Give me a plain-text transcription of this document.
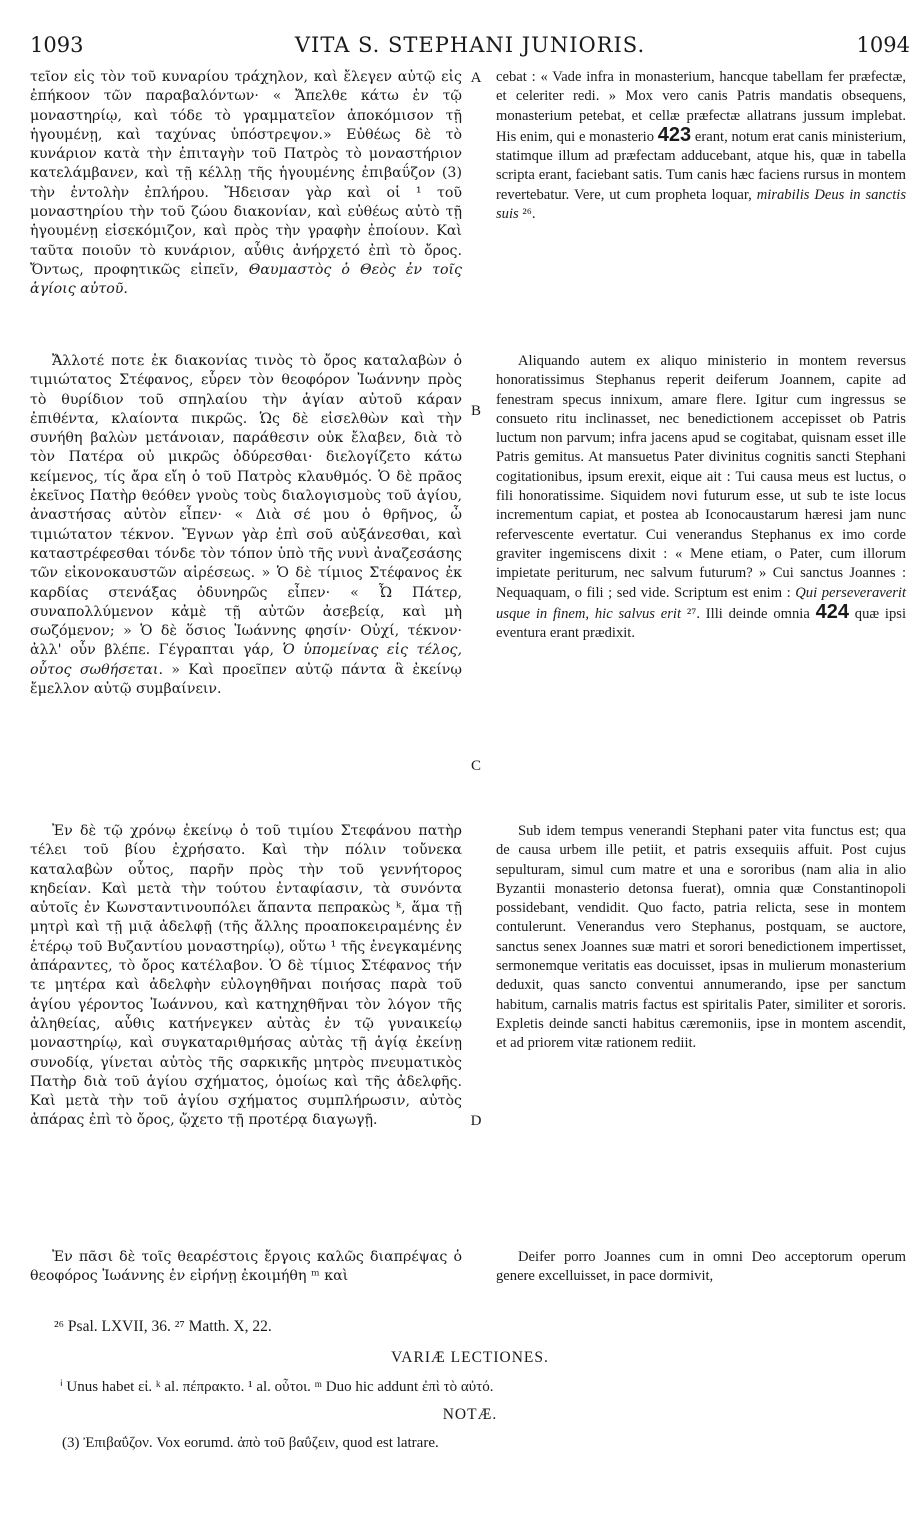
1093	VITA S. STEPHANI JUNIORIS.	1094
τεῖον εἰς τὸν τοῦ κυναρίου τράχηλον, καὶ ἔλεγεν αὐτῷ εἰς ἐπήκοον τῶν παραβαλόντων· « Ἄπελθε κάτω ἐν τῷ μοναστηρίῳ, καὶ τόδε τὸ γραμματεῖον ἀποκόμισον τῇ ἡγουμένῃ, καὶ ταχύνας ὑπόστρεψον.» Εὐθέως δὲ τὸ κυνάριον κατὰ τὴν ἐπιταγὴν τοῦ Πατρὸς τὸ μοναστήριον κατελάμβανεν, καὶ τῇ κέλλῃ τῆς ἡγουμένης ἐπιβαΰζον (3) τὴν ἐντολὴν ἐπλήρου. Ἤδεισαν γὰρ καὶ οἱ ¹ τοῦ μοναστηρίου τὴν τοῦ ζώου διακονίαν, καὶ εὐθέως αὐτὸ τῇ ἡγουμένῃ εἰσεκόμιζον, καὶ πρὸς τὴν γραφὴν ἐποίουν. Καὶ ταῦτα ποιοῦν τὸ κυνάριον, αὖθις ἀνήρχετό ἐπὶ τὸ ὄρος. Ὄντως, προφητικῶς εἰπεῖν, Θαυμαστὸς ὁ Θεὸς ἐν τοῖς ἁγίοις αὐτοῦ.
Ἄλλοτέ ποτε ἐκ διακονίας τινὸς τὸ ὄρος καταλαβὼν ὁ τιμιώτατος Στέφανος, εὗρεν τὸν θεοφόρον Ἰωάννην πρὸς τὸ θυρίδιον τοῦ σπηλαίου τὴν ἁγίαν αὐτοῦ κάραν ἐπιθέντα, κλαίοντα πικρῶς. Ὡς δὲ εἰσελθὼν καὶ τὴν συνήθη βαλὼν μετάνοιαν, παράθεσιν οὐκ ἔλαβεν, διὰ τὸ τὸν Πατέρα οὐ μικρῶς ὀδύρεσθαι· διελογίζετο κάτω κείμενος, τίς ἄρα εἴη ὁ τοῦ Πατρὸς κλαυθμός. Ὁ δὲ πρᾶος ἐκεῖνος Πατὴρ θεόθεν γνοὺς τοὺς διαλογισμοὺς τοῦ ἁγίου, ἀναστήσας αὐτὸν εἶπεν· « Διὰ σέ μου ὁ θρῆνος, ὦ τιμιώτατον τέκνον. Ἔγνων γὰρ ἐπὶ σοῦ αὐξάνεσθαι, καὶ καταστρέφεσθαι τόνδε τὸν τόπον ὑπὸ τῆς νυνὶ ἀναζεσάσης τῶν εἰκονοκαυστῶν αἱρέσεως. » Ὁ δὲ τίμιος Στέφανος ἐκ καρδίας στενάξας ὀδυνηρῶς εἶπεν· « Ὦ Πάτερ, συναπολλύμενον κἀμὲ τῇ αὐτῶν ἀσεβείᾳ, καὶ μὴ σωζόμενον; » Ὁ δὲ ὅσιος Ἰωάννης φησίν· Οὐχί, τέκνον· ἀλλ' οὖν βλέπε. Γέγραπται γάρ, Ὁ ὑπομείνας εἰς τέλος, οὗτος σωθήσεται. » Καὶ προεῖπεν αὐτῷ πάντα ἃ ἐκείνῳ ἔμελλον αὐτῷ συμβαίνειν.
Ἐν δὲ τῷ χρόνῳ ἐκείνῳ ὁ τοῦ τιμίου Στεφάνου πατὴρ τέλει τοῦ βίου ἐχρήσατο. Καὶ τὴν πόλιν τοὔνεκα καταλαβὼν οὗτος, παρῆν πρὸς τὴν τοῦ γεννήτορος κηδείαν. Καὶ μετὰ τὴν τούτου ἐνταφίασιν, τὰ συνόντα αὐτοῖς ἐν Κωνσταντινουπόλει ἅπαντα πεπρακὼς ᵏ, ἅμα τῇ μητρὶ καὶ τῇ μιᾷ ἀδελφῇ (τῆς ἄλλης προαποκειραμένης ἐν ἑτέρῳ τοῦ Βυζαντίου μοναστηρίῳ), οὕτω ¹ τῆς ἐνεγκαμένης ἀπάραντες, τὸ ὄρος κατέλαβον. Ὁ δὲ τίμιος Στέφανος τήν τε μητέρα καὶ ἀδελφὴν εὐλογηθῆναι ποιήσας παρὰ τοῦ ἁγίου γέροντος Ἰωάννου, καὶ κατηχηθῆναι τὸν λόγον τῆς ἀληθείας, αὖθις κατήνεγκεν αὐτὰς ἐν τῷ γυναικείῳ μοναστηρίῳ, καὶ συγκαταριθμήσας αὐτὰς τῇ ἁγίᾳ ἐκείνῃ συνοδίᾳ, γίνεται αὐτὸς τῆς σαρκικῆς μητρὸς πνευματικὸς Πατὴρ διὰ τοῦ ἁγίου σχήματος, ὁμοίως καὶ τῆς ἀδελφῆς. Καὶ μετὰ τὴν τοῦ ἁγίου σχήματος συμπλήρωσιν, αὐτὸς ἀπάρας ἐπὶ τὸ ὄρος, ᾤχετο τῇ προτέρᾳ διαγωγῇ.
Ἐν πᾶσι δὲ τοῖς θεαρέστοις ἔργοις καλῶς διαπρέψας ὁ θεοφόρος Ἰωάννης ἐν εἰρήνῃ ἐκοιμήθη ᵐ καὶ
A
B
C
D
cebat : « Vade infra in monasterium, hancque tabellam fer præfectæ, et celeriter redi. » Mox vero canis Patris mandatis obsequens, monasterium petebat, et cellæ præfectæ allatrans jussum implebat. His enim, qui e monasterio 423 erant, notum erat canis ministerium, statimque illum ad præfectam adducebant, atque his, quæ in tabella scripta erant, faciebant satis. Tum canis hæc faciens rursus in montem revertebatur. Vere, ut cum propheta loquar, mirabilis Deus in sanctis suis ²⁶.
Aliquando autem ex aliquo ministerio in montem reversus honoratissimus Stephanus reperit deiferum Joannem, capite ad fenestram specus innixum, amare flere. Igitur cum ingressus se consueto ritu inclinasset, nec benedictionem accepisset ob Patris luctum non parvum; infra jacens apud se cogitabat, quisnam esset ille Patris gemitus. At mansuetus Pater divinitus cognitis sancti Stephani cogitationibus, ipsum erexit, eique ait : Tui causa meus est luctus, o fili honoratissime. Siquidem novi futurum esse, ut sub te iste locus incrementum capiat, et postea ab Iconocaustarum hæresi jam nunc refervescente evertatur. Cui venerandus Stephanus ex imo corde graviter ingemiscens dixit : « Mene etiam, o Pater, cum illorum impietate periturum, nec salvum futurum? » Cui sanctus Joannes : Nequaquam, o fili ; sed vide. Scriptum est enim : Qui perseveraverit usque in finem, hic salvus erit ²⁷. Illi deinde omnia 424 quæ ipsi eventura erant prædixit.
Sub idem tempus venerandi Stephani pater vita functus est; qua de causa urbem ille petiit, et patris exsequiis affuit. Post cujus sepulturam, simul cum matre et una e sororibus (nam alia in alio Byzantii monasterio detonsa fuerat), omnia quæ Constantinopoli possidebant, vendidit. Quo facto, patria relicta, sese in montem contulerunt. Venerandus vero Stephanus, postquam, se auctore, sanctus senex Joannes suæ matri et sorori benedictionem impertisset, sermonemque veritatis eas docuisset, ipsas in mulierum monasterium deduxit, quas sancto conventui annumerando, ipse per sanctum habitum, carnalis matris factus est spiritalis Pater, similiter et sororis. Expletis deinde sancti habitus cæremoniis, ipse in montem ascendit, et ad priorem vitæ rationem rediit.
Deifer porro Joannes cum in omni Deo acceptorum operum genere excelluisset, in pace dormivit,
²⁶ Psal. LXVII, 36. ²⁷ Matth. X, 22.
VARIÆ LECTIONES.
ⁱ Unus habet εἰ. ᵏ al. πέπρακτο. ¹ al. οὗτοι. ᵐ Duo hic addunt ἐπὶ τὸ αὐτό.
NOTÆ.
(3) Ἐπιβαΰζον. Vox eorumd. ἀπὸ τοῦ βαΰζειν, quod est latrare.
